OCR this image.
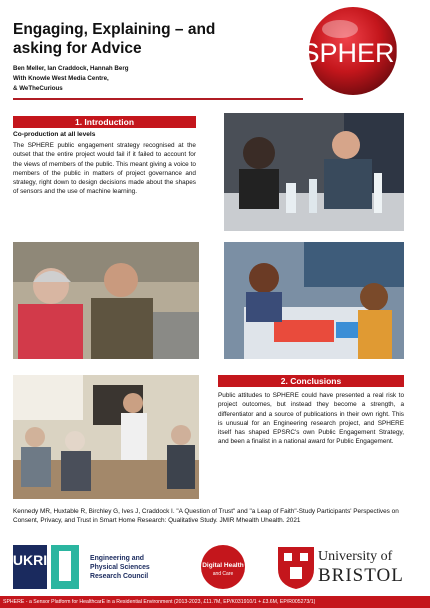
Engaging, Explaining – and
asking for Advice
Ben Meller, Ian Craddock, Hannah Berg
With Knowle West Media Centre,
& WeTheCurious
SPHERE
1. Introduction
Co-production at all levels
The SPHERE public engagement strategy recognised at the outset that the entire project would fail if it failed to account for the views of members of the public. This meant giving a voice to members of the public in matters of project governance and strategy, right down to design decisions made about the shapes of sensors and the use of machine learning.
2. Conclusions
Public attitudes to SPHERE could have presented a real risk to project outcomes, but instead they become a strength, a differentiator and a source of publications in their own right. This is unusual for an Engineering research project, and SPHERE itself has shaped EPSRC's own Public Engagement Strategy, and been a finalist in a national award for Public Engagement.
Kennedy MR, Huxtable R, Birchley G, Ives J, Craddock I. "A Question of Trust" and "a Leap of Faith"-Study Participants' Perspectives on Consent, Privacy, and Trust in Smart Home Research: Qualitative Study. JMIR Mhealth Uhealth. 2021
UKRI	Engineering and
Physical Sciences
Research Council
Digital Health
and Care
University of
BRISTOL
SPHERE - a Sensor Platform for HealthcarE in a Residential Environment (2013-2023, £11.7M, EP/K031910/1 + £3.6M, EP/R005273/1)
